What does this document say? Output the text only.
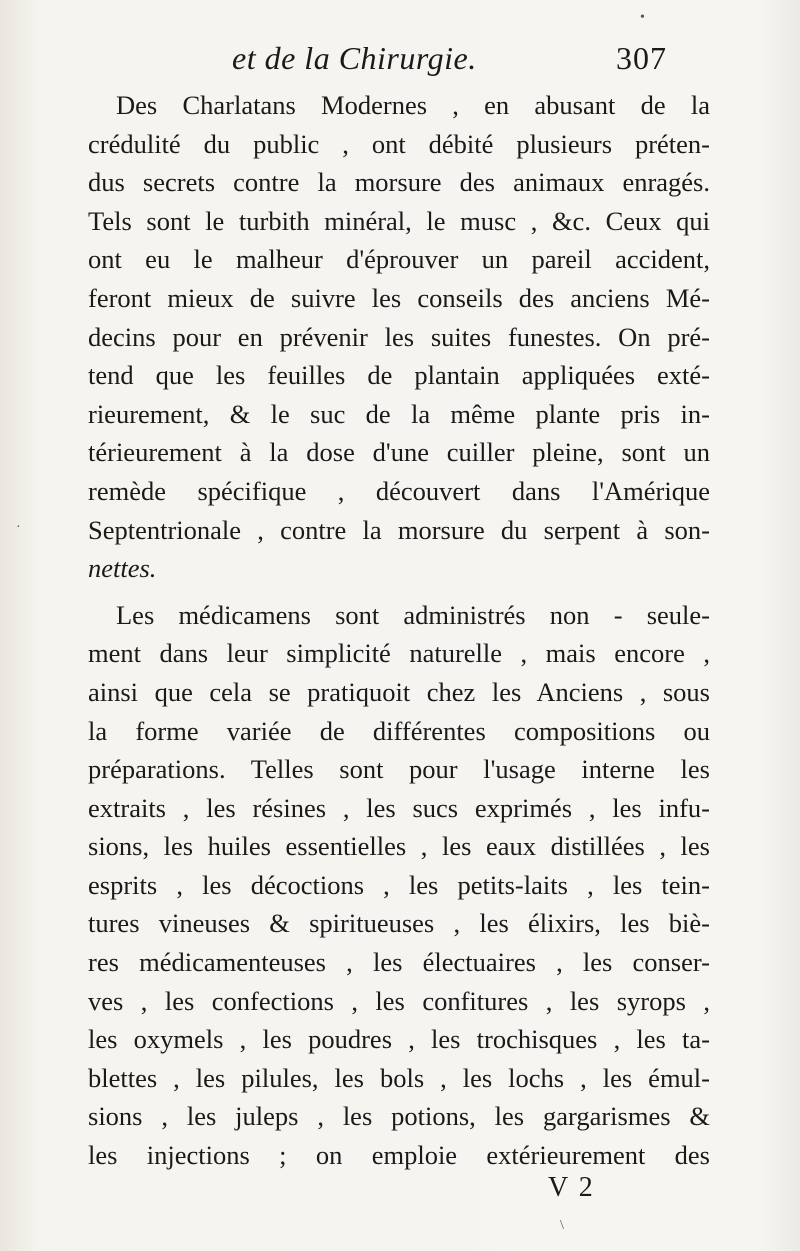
et de la Chirurgie.	307
Des Charlatans Modernes , en abusant de la
crédulité du public , ont débité plusieurs préten-
dus secrets contre la morsure des animaux enragés.
Tels sont le turbith minéral, le musc , &c. Ceux qui
ont eu le malheur d'éprouver un pareil accident,
feront mieux de suivre les conseils des anciens Mé-
decins pour en prévenir les suites funestes. On pré-
tend que les feuilles de plantain appliquées exté-
rieurement, & le suc de la même plante pris in-
térieurement à la dose d'une cuiller pleine, sont un
remède spécifique , découvert dans l'Amérique
Septentrionale , contre la morsure du serpent à son-
nettes.
Les médicamens sont administrés non - seule-
ment dans leur simplicité naturelle , mais encore ,
ainsi que cela se pratiquoit chez les Anciens , sous
la forme variée de différentes compositions ou
préparations. Telles sont pour l'usage interne les
extraits , les résines , les sucs exprimés , les infu-
sions, les huiles essentielles , les eaux distillées , les
esprits , les décoctions , les petits-laits , les tein-
tures vineuses & spiritueuses , les élixirs, les biè-
res médicamenteuses , les électuaires , les conser-
ves , les confections , les confitures , les syrops ,
les oxymels , les poudres , les trochisques , les ta-
blettes , les pilules, les bols , les lochs , les émul-
sions , les juleps , les potions, les gargarismes &
les injections ; on emploie extérieurement des
V 2
•
·
\
